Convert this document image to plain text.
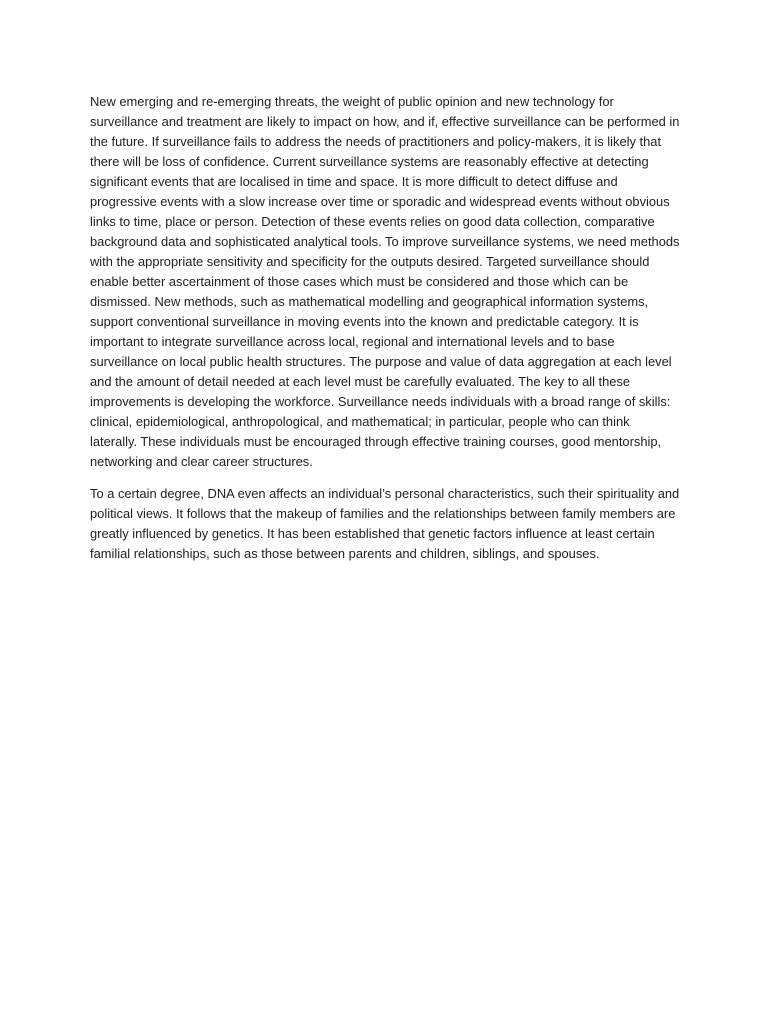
New emerging and re-emerging threats, the weight of public opinion and new technology for surveillance and treatment are likely to impact on how, and if, effective surveillance can be performed in the future. If surveillance fails to address the needs of practitioners and policy-makers, it is likely that there will be loss of confidence. Current surveillance systems are reasonably effective at detecting significant events that are localised in time and space. It is more difficult to detect diffuse and progressive events with a slow increase over time or sporadic and widespread events without obvious links to time, place or person. Detection of these events relies on good data collection, comparative background data and sophisticated analytical tools. To improve surveillance systems, we need methods with the appropriate sensitivity and specificity for the outputs desired. Targeted surveillance should enable better ascertainment of those cases which must be considered and those which can be dismissed. New methods, such as mathematical modelling and geographical information systems, support conventional surveillance in moving events into the known and predictable category. It is important to integrate surveillance across local, regional and international levels and to base surveillance on local public health structures. The purpose and value of data aggregation at each level and the amount of detail needed at each level must be carefully evaluated. The key to all these improvements is developing the workforce. Surveillance needs individuals with a broad range of skills: clinical, epidemiological, anthropological, and mathematical; in particular, people who can think laterally. These individuals must be encouraged through effective training courses, good mentorship, networking and clear career structures.

To a certain degree, DNA even affects an individual’s personal characteristics, such their spirituality and political views. It follows that the makeup of families and the relationships between family members are greatly influenced by genetics. It has been established that genetic factors influence at least certain familial relationships, such as those between parents and children, siblings, and spouses.
